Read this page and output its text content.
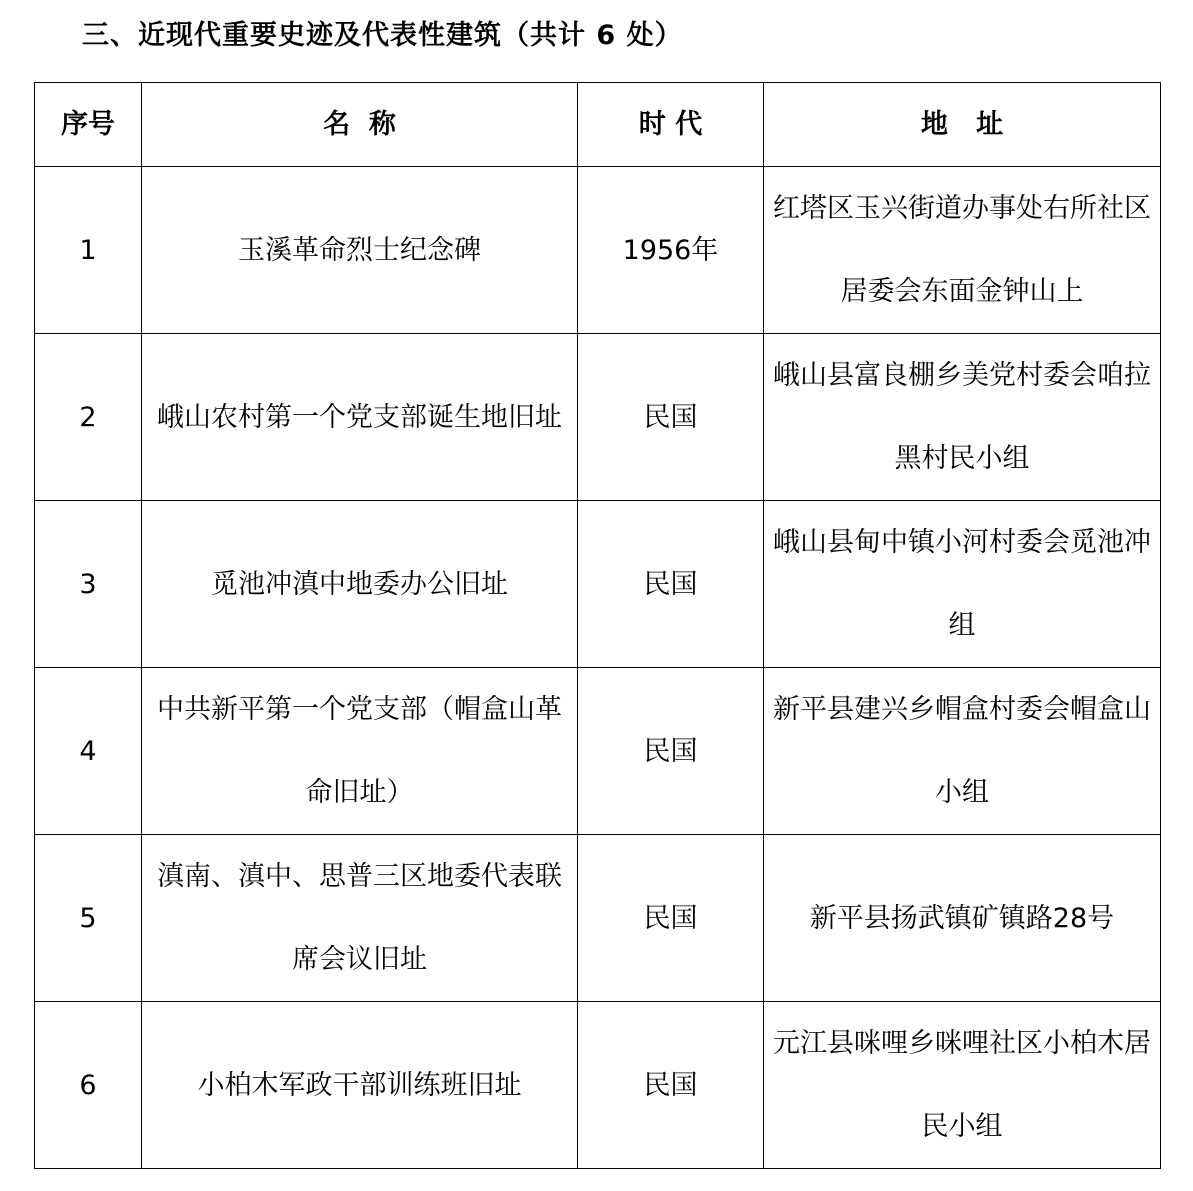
三、近现代重要史迹及代表性建筑（共计 6 处）
序号	名  称	时 代	地   址
1	玉溪革命烈士纪念碑	1956年	红塔区玉兴街道办事处右所社区居委会东面金钟山上

2	峨山农村第一个党支部诞生地旧址	民国	峨山县富良棚乡美党村委会咱拉黑村民小组

3	觅池冲滇中地委办公旧址	民国	峨山县甸中镇小河村委会觅池冲组

4	中共新平第一个党支部（帽盒山革命旧址）	民国	新平县建兴乡帽盒村委会帽盒山小组

5	滇南、滇中、思普三区地委代表联席会议旧址	民国	新平县扬武镇矿镇路28号

6	小柏木军政干部训练班旧址	民国	元江县咪哩乡咪哩社区小柏木居民小组
